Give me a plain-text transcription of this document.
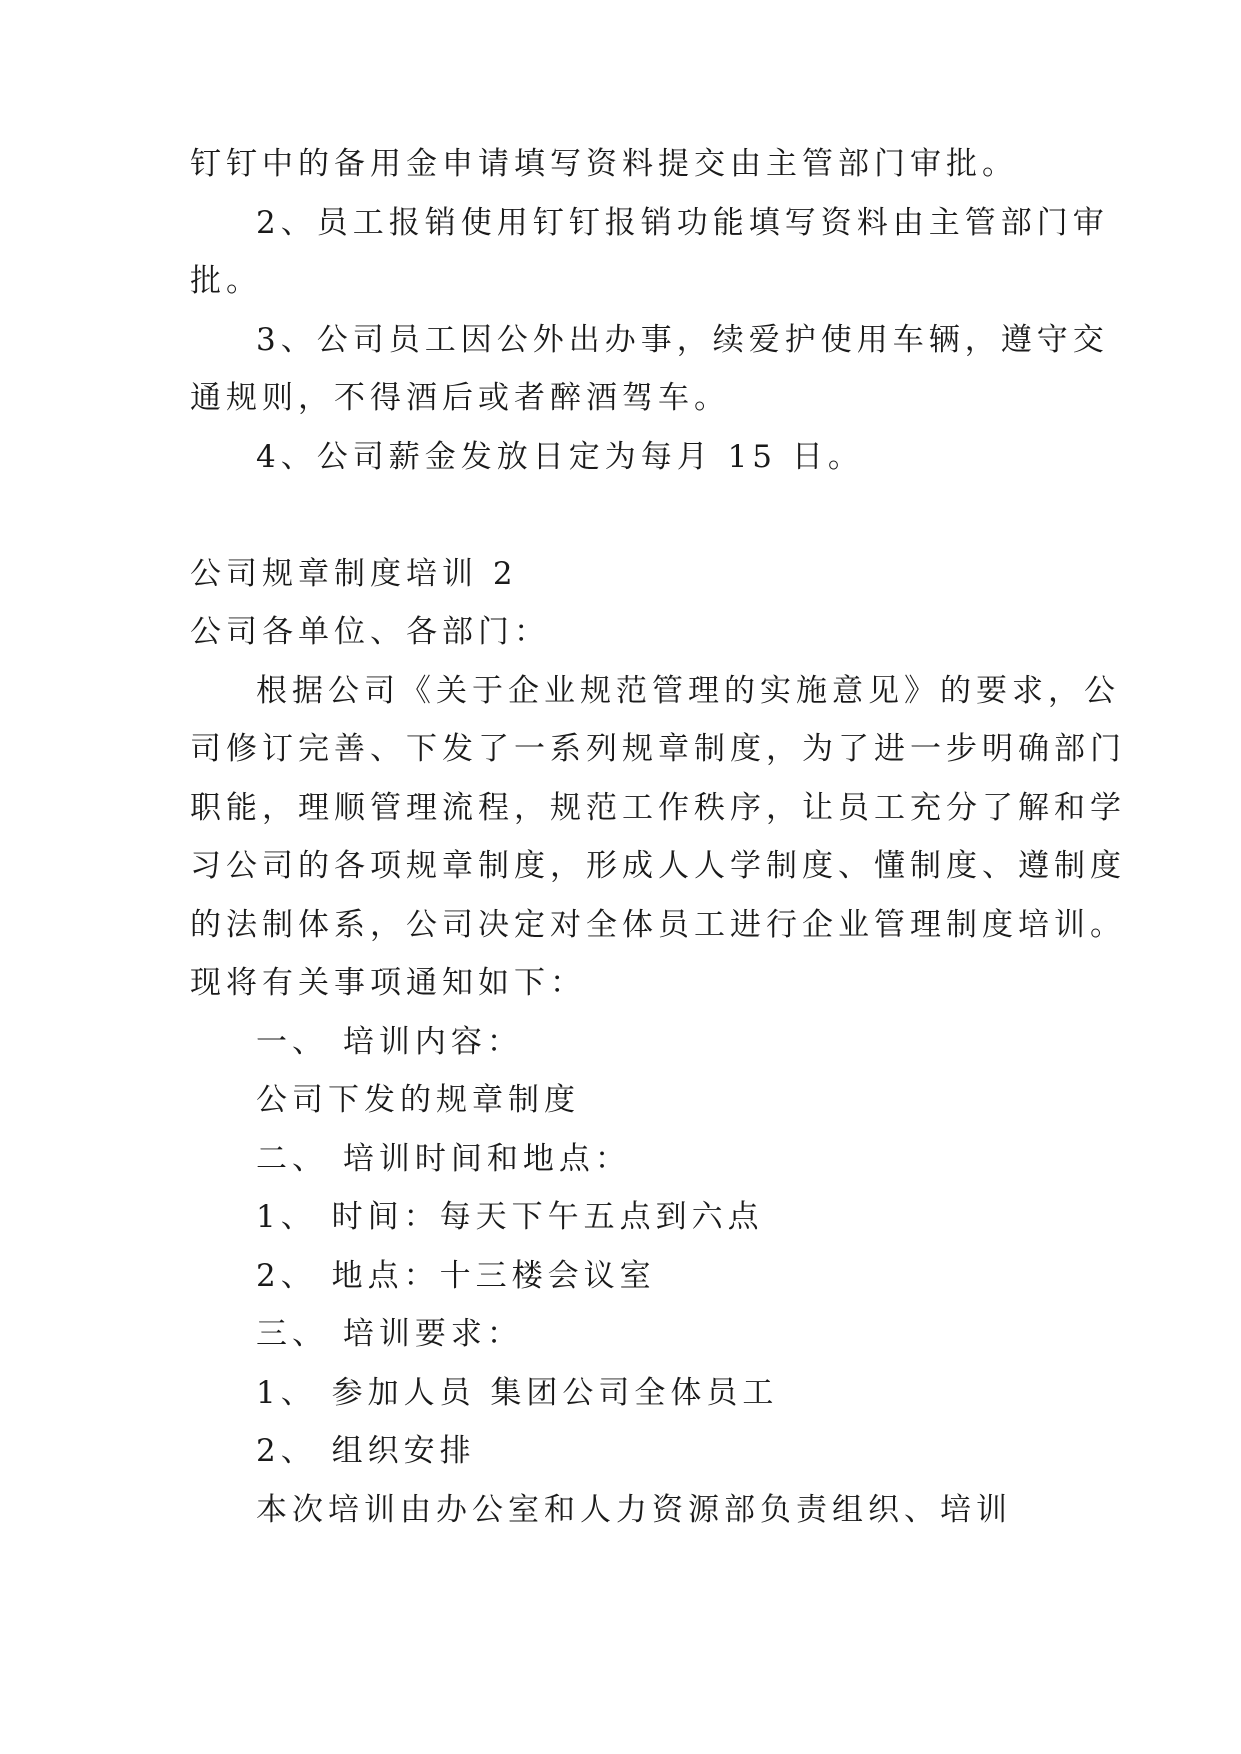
钉钉中的备用金申请填写资料提交由主管部门审批。

2、员工报销使用钉钉报销功能填写资料由主管部门审

批。

3、公司员工因公外出办事，续爱护使用车辆，遵守交

通规则，不得酒后或者醉酒驾车。

4、公司薪金发放日定为每月 15 日。

公司规章制度培训 2

公司各单位、各部门：

根据公司《关于企业规范管理的实施意见》的要求，公

司修订完善、下发了一系列规章制度，为了进一步明确部门

职能，理顺管理流程，规范工作秩序，让员工充分了解和学

习公司的各项规章制度，形成人人学制度、懂制度、遵制度

的法制体系，公司决定对全体员工进行企业管理制度培训。

现将有关事项通知如下：

一、 培训内容：

公司下发的规章制度

二、 培训时间和地点：

1、 时间：每天下午五点到六点

2、 地点：十三楼会议室

三、 培训要求：

1、 参加人员 集团公司全体员工

2、 组织安排

本次培训由办公室和人力资源部负责组织、培训
